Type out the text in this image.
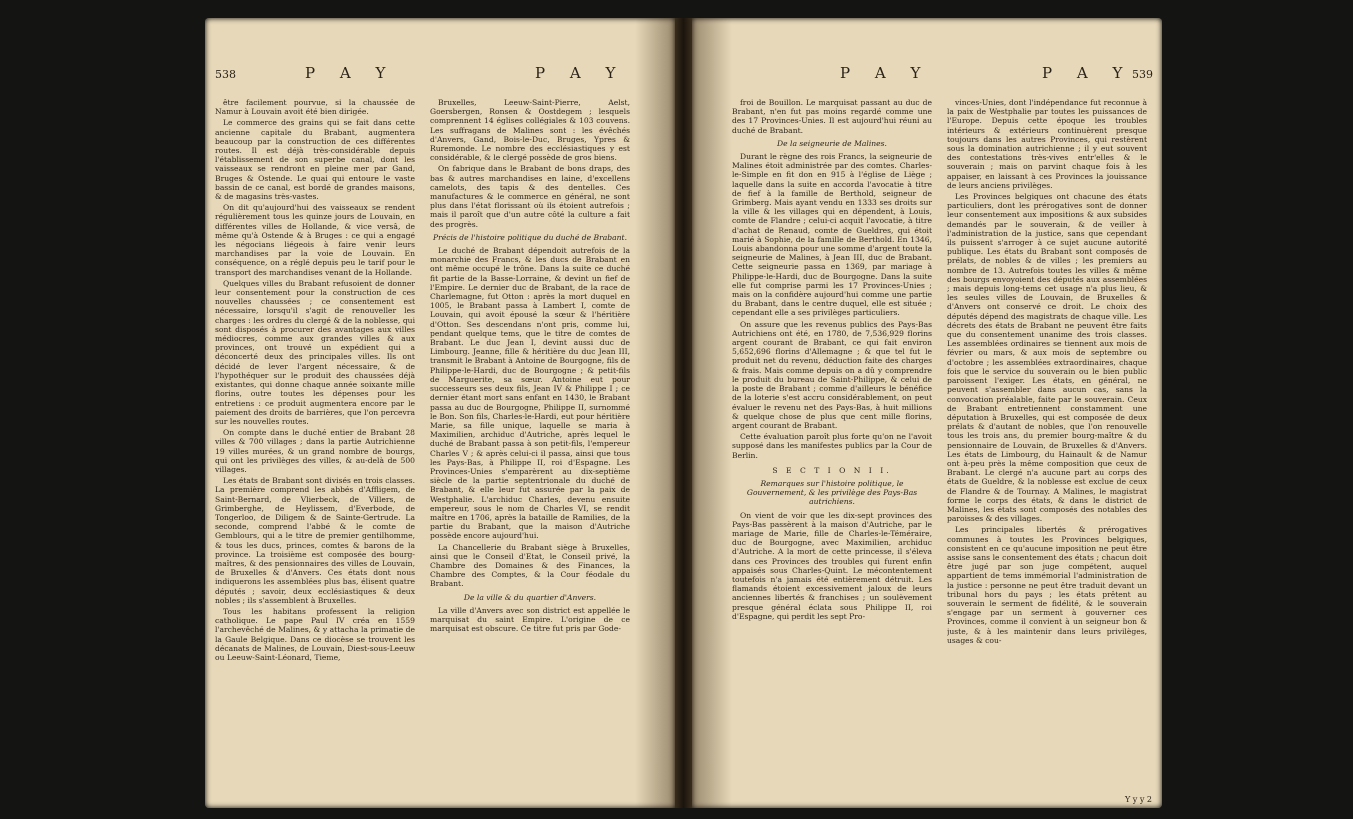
538	P A Y	P A Y

être facilement pourvue, si la chaussée de Namur à Louvain avoit été bien dirigée.

Le commerce des grains qui se fait dans cette ancienne capitale du Brabant, augmentera beaucoup par la construction de ces différentes routes. Il est déjà très-considérable depuis l'établissement de son superbe canal, dont les vaisseaux se rendront en pleine mer par Gand, Bruges & Ostende. Le quai qui entoure le vaste bassin de ce canal, est bordé de grandes maisons, & de magasins très-vastes.

On dit qu'aujourd'hui des vaisseaux se rendent régulièrement tous les quinze jours de Louvain, en différentes villes de Hollande, & vice versâ, de même qu'à Ostende & à Bruges : ce qui a engagé les négocians liégeois à faire venir leurs marchandises par la voie de Louvain. En conséquence, on a réglé depuis peu le tarif pour le transport des marchandises venant de la Hollande.

Quelques villes du Brabant refusoient de donner leur consentement pour la construction de ces nouvelles chaussées ; ce consentement est nécessaire, lorsqu'il s'agit de renouveller les charges : les ordres du clergé & de la noblesse, qui sont disposés à procurer des avantages aux villes médiocres, comme aux grandes villes & aux provinces, ont trouvé un expédient qui a déconcerté deux des principales villes. Ils ont décidé de lever l'argent nécessaire, & de l'hypothéquer sur le produit des chaussées déjà existantes, qui donne chaque année soixante mille florins, outre toutes les dépenses pour les entretiens : ce produit augmentera encore par le paiement des droits de barrières, que l'on percevra sur les nouvelles routes.

On compte dans le duché entier de Brabant 28 villes & 700 villages ; dans la partie Autrichienne 19 villes murées, & un grand nombre de bourgs, qui ont les privilèges des villes, & au-delà de 500 villages.

Les états de Brabant sont divisés en trois classes. La première comprend les abbés d'Affligem, de Saint-Bernard, de Vlierbeck, de Villers, de Grimberghe, de Heylissem, d'Everbode, de Tongerloo, de Diligem & de Sainte-Gertrude. La seconde, comprend l'abbé & le comte de Gemblours, qui a le titre de premier gentilhomme, & tous les ducs, princes, comtes & barons de la province. La troisième est composée des bourg-maîtres, & des pensionnaires des villes de Louvain, de Bruxelles & d'Anvers. Ces états dont nous indiquerons les assemblées plus bas, élisent quatre députés ; savoir, deux ecclésiastiques & deux nobles ; ils s'assemblent à Bruxelles.

Tous les habitans professent la religion catholique. Le pape Paul IV créa en 1559 l'archevêché de Malines, & y attacha la primatie de la Gaule Belgique. Dans ce diocèse se trouvent les décanats de Malines, de Louvain, Diest-sous-Leeuw ou Leeuw-Saint-Léonard, Tieme,

Bruxelles, Leeuw-Saint-Pierre, Aelst, Goersbergen, Ronsen & Oostdegem ; lesquels comprennent 14 églises collégiales & 103 couvens. Les suffragans de Malines sont : les évêchés d'Anvers, Gand, Bois-le-Duc, Bruges, Ypres & Ruremonde. Le nombre des ecclésiastiques y est considérable, & le clergé possède de gros biens.

On fabrique dans le Brabant de bons draps, des bas & autres marchandises en laine, d'excellens camelots, des tapis & des dentelles. Ces manufactures & le commerce en général, ne sont plus dans l'état florissant où ils étoient autrefois ; mais il paroît que d'un autre côté la culture a fait des progrès.

Précis de l'histoire politique du duché de Brabant.

Le duché de Brabant dépendoit autrefois de la monarchie des Francs, & les ducs de Brabant en ont même occupé le trône. Dans la suite ce duché fit partie de la Basse-Lorraine, & devint un fief de l'Empire. Le dernier duc de Brabant, de la race de Charlemagne, fut Otton : après la mort duquel en 1005, le Brabant passa à Lambert I, comte de Louvain, qui avoit épousé la sœur & l'héritière d'Otton. Ses descendans n'ont pris, comme lui, pendant quelque tems, que le titre de comtes de Brabant. Le duc Jean I, devint aussi duc de Limbourg. Jeanne, fille & héritière du duc Jean III, transmit le Brabant à Antoine de Bourgogne, fils de Philippe-le-Hardi, duc de Bourgogne ; & petit-fils de Marguerite, sa sœur. Antoine eut pour successeurs ses deux fils, Jean IV & Philippe I ; ce dernier étant mort sans enfant en 1430, le Brabant passa au duc de Bourgogne, Philippe II, surnommé le Bon. Son fils, Charles-le-Hardi, eut pour héritière Marie, sa fille unique, laquelle se maria à Maximilien, archiduc d'Autriche, après lequel le duché de Brabant passa à son petit-fils, l'empereur Charles V ; & après celui-ci il passa, ainsi que tous les Pays-Bas, à Philippe II, roi d'Espagne. Les Provinces-Unies s'emparèrent au dix-septième siècle de la partie septentrionale du duché de Brabant, & elle leur fut assurée par la paix de Westphalie. L'archiduc Charles, devenu ensuite empereur, sous le nom de Charles VI, se rendit maître en 1706, après la bataille de Ramilies, de la partie du Brabant, que la maison d'Autriche possède encore aujourd'hui.

La Chancellerie du Brabant siège à Bruxelles, ainsi que le Conseil d'Etat, le Conseil privé, la Chambre des Domaines & des Finances, la Chambre des Comptes, & la Cour féodale du Brabant.

De la ville & du quartier d'Anvers.

La ville d'Anvers avec son district est appellée le marquisat du saint Empire. L'origine de ce marquisat est obscure. Ce titre fut pris par Gode-

P A Y	P A Y 539

froi de Bouillon. Le marquisat passant au duc de Brabant, n'en fut pas moins regardé comme une des 17 Provinces-Unies. Il est aujourd'hui réuni au duché de Brabant.

De la seigneurie de Malines.

Durant le règne des rois Francs, la seigneurie de Malines étoit administrée par des comtes. Charles-le-Simple en fit don en 915 à l'église de Liège ; laquelle dans la suite en accorda l'avocatie à titre de fief à la famille de Berthold, seigneur de Grimberg. Mais ayant vendu en 1333 ses droits sur la ville & les villages qui en dépendent, à Louis, comte de Flandre ; celui-ci acquit l'avocatie, à titre d'achat de Renaud, comte de Gueldres, qui étoit marié à Sophie, de la famille de Berthold. En 1346, Louis abandonna pour une somme d'argent toute la seigneurie de Malines, à Jean III, duc de Brabant. Cette seigneurie passa en 1369, par mariage à Philippe-le-Hardi, duc de Bourgogne. Dans la suite elle fut comprise parmi les 17 Provinces-Unies ; mais on la confidère aujourd'hui comme une partie du Brabant, dans le centre duquel, elle est située ; cependant elle a ses privilèges particuliers.

On assure que les revenus publics des Pays-Bas Autrichiens ont été, en 1780, de 7,536,929 florins argent courant de Brabant, ce qui fait environ 5,652,696 florins d'Allemagne ; & que tel fut le produit net du revenu, déduction faite des charges & frais. Mais comme depuis on a dû y comprendre le produit du bureau de Saint-Philippe, & celui de la poste de Brabant ; comme d'ailleurs le bénéfice de la loterie s'est accru considérablement, on peut évaluer le revenu net des Pays-Bas, à huit millions & quelque chose de plus que cent mille florins, argent courant de Brabant.

Cette évaluation paroît plus forte qu'on ne l'avoit supposé dans les manifestes publics par la Cour de Berlin.

S E C T I O N I I.

Remarques sur l'histoire politique, le Gouvernement, & les privilège des Pays-Bas autrichiens.

On vient de voir que les dix-sept provinces des Pays-Bas passèrent à la maison d'Autriche, par le mariage de Marie, fille de Charles-le-Téméraire, duc de Bourgogne, avec Maximilien, archiduc d'Autriche. A la mort de cette princesse, il s'éleva dans ces Provinces des troubles qui furent enfin appaisés sous Charles-Quint. Le mécontentement toutefois n'a jamais été entièrement détruit. Les flamands étoient excessivement jaloux de leurs anciennes libertés & franchises ; un soulèvement presque général éclata sous Philippe II, roi d'Espagne, qui perdit les sept Pro-

vinces-Unies, dont l'indépendance fut reconnue à la paix de Westphalie par toutes les puissances de l'Europe. Depuis cette époque les troubles intérieurs & extérieurs continuèrent presque toujours dans les autres Provinces, qui restèrent sous la domination autrichienne ; il y eut souvent des contestations très-vives entr'elles & le souverain ; mais on parvint chaque fois à les appaiser, en laissant à ces Provinces la jouissance de leurs anciens privilèges.

Les Provinces belgiques ont chacune des états particuliers, dont les prérogatives sont de donner leur consentement aux impositions & aux subsides demandés par le souverain, & de veiller à l'administration de la justice, sans que cependant ils puissent s'arroger à ce sujet aucune autorité publique. Les états du Brabant sont composés de prélats, de nobles & de villes ; les premiers au nombre de 13. Autrefois toutes les villes & même des bourgs envoyoient des députés aux assemblées ; mais depuis long-tems cet usage n'a plus lieu, & les seules villes de Louvain, de Bruxelles & d'Anvers ont conservé ce droit. Le choix des députés dépend des magistrats de chaque ville. Les décrets des états de Brabant ne peuvent être faits que du consentement unanime des trois classes. Les assemblées ordinaires se tiennent aux mois de février ou mars, & aux mois de septembre ou d'octobre ; les assemblées extraordinaires, chaque fois que le service du souverain ou le bien public paroissent l'exiger. Les états, en général, ne peuvent s'assembler dans aucun cas, sans la convocation préalable, faite par le souverain. Ceux de Brabant entretiennent constamment une députation à Bruxelles, qui est composée de deux prélats & d'autant de nobles, que l'on renouvelle tous les trois ans, du premier bourg-maître & du pensionnaire de Louvain, de Bruxelles & d'Anvers. Les états de Limbourg, du Hainault & de Namur ont à-peu près la même composition que ceux de Brabant. Le clergé n'a aucune part au corps des états de Gueldre, & la noblesse est exclue de ceux de Flandre & de Tournay. A Malines, le magistrat forme le corps des états, & dans le district de Malines, les états sont composés des notables des paroisses & des villages.

Les principales libertés & prérogatives communes à toutes les Provinces belgiques, consistent en ce qu'aucune imposition ne peut être assise sans le consentement des états ; chacun doit être jugé par son juge compétent, auquel appartient de tems immémorial l'administration de la justice : personne ne peut être traduit devant un tribunal hors du pays ; les états prêtent au souverain le serment de fidélité, & le souverain s'engage par un serment à gouverner ces Provinces, comme il convient à un seigneur bon & juste, & à les maintenir dans leurs privilèges, usages & cou-

Y y y 2
